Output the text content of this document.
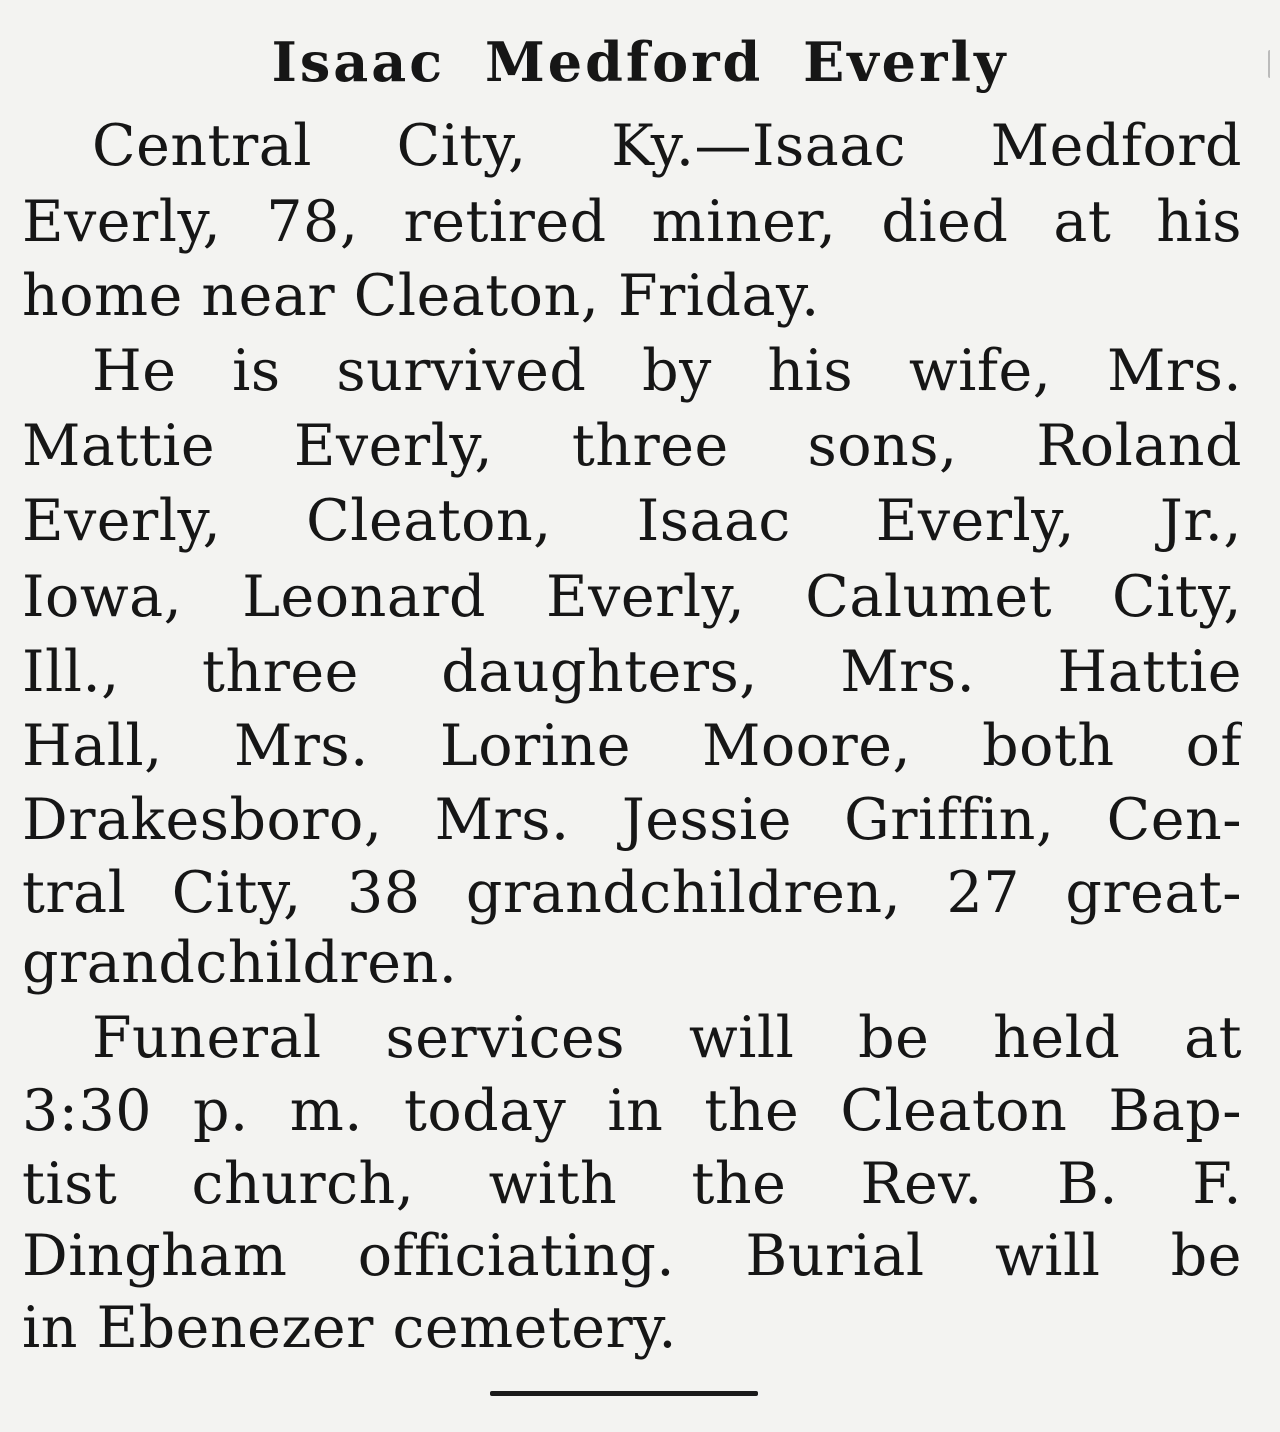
Isaac Medford Everly
Central City, Ky.—Isaac Medford
Everly, 78, retired miner, died at his
home near Cleaton, Friday.
He is survived by his wife, Mrs.
Mattie Everly, three sons, Roland
Everly, Cleaton, Isaac Everly, Jr.,
Iowa, Leonard Everly, Calumet City,
Ill., three daughters, Mrs. Hattie
Hall, Mrs. Lorine Moore, both of
Drakesboro, Mrs. Jessie Griffin, Cen-
tral City, 38 grandchildren, 27 great-
grandchildren.
Funeral services will be held at
3:30 p. m. today in the Cleaton Bap-
tist church, with the Rev. B. F.
Dingham officiating. Burial will be
in Ebenezer cemetery.
